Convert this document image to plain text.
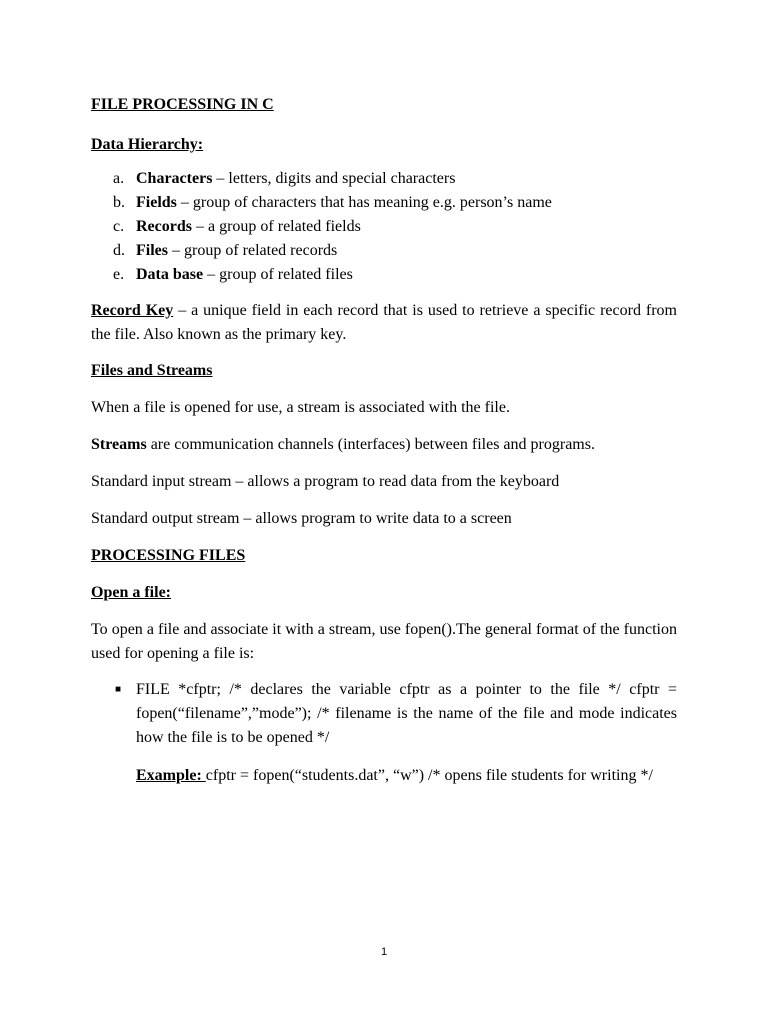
FILE PROCESSING IN C

Data Hierarchy:

a. Characters – letters, digits and special characters
b. Fields – group of characters that has meaning e.g. person’s name
c. Records – a group of related fields
d. Files – group of related records
e. Data base – group of related files

Record Key – a unique field in each record that is used to retrieve a specific record from the file. Also known as the primary key.

Files and Streams

When a file is opened for use, a stream is associated with the file.

Streams are communication channels (interfaces) between files and programs.

Standard input stream – allows a program to read data from the keyboard

Standard output stream – allows program to write data to a screen

PROCESSING FILES

Open a file:

To open a file and associate it with a stream, use fopen().The general format of the function used for opening a file is:

■ FILE *cfptr; /* declares the variable cfptr as a pointer to the file */ cfptr = fopen(“filename”,”mode”); /* filename is the name of the file and mode indicates how the file is to be opened */

Example: cfptr = fopen(“students.dat”, “w”) /* opens file students for writing */

1
